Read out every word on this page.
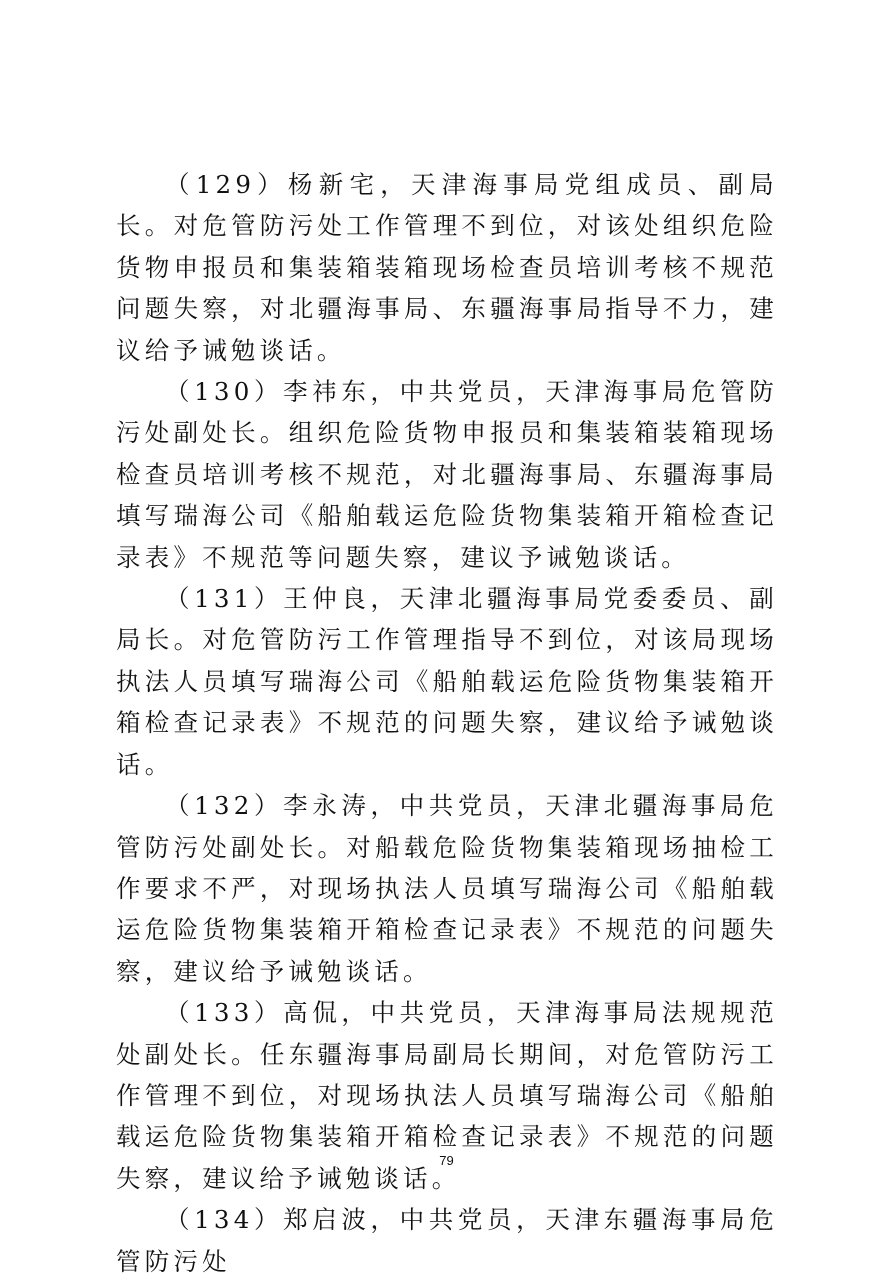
（129）杨新宅，天津海事局党组成员、副局长。对危管防污处工作管理不到位，对该处组织危险货物申报员和集装箱装箱现场检查员培训考核不规范问题失察，对北疆海事局、东疆海事局指导不力，建议给予诫勉谈话。

（130）李祎东，中共党员，天津海事局危管防污处副处长。组织危险货物申报员和集装箱装箱现场检查员培训考核不规范，对北疆海事局、东疆海事局填写瑞海公司《船舶载运危险货物集装箱开箱检查记录表》不规范等问题失察，建议予诫勉谈话。

（131）王仲良，天津北疆海事局党委委员、副局长。对危管防污工作管理指导不到位，对该局现场执法人员填写瑞海公司《船舶载运危险货物集装箱开箱检查记录表》不规范的问题失察，建议给予诫勉谈话。

（132）李永涛，中共党员，天津北疆海事局危管防污处副处长。对船载危险货物集装箱现场抽检工作要求不严，对现场执法人员填写瑞海公司《船舶载运危险货物集装箱开箱检查记录表》不规范的问题失察，建议给予诫勉谈话。

（133）高侃，中共党员，天津海事局法规规范处副处长。任东疆海事局副局长期间，对危管防污工作管理不到位，对现场执法人员填写瑞海公司《船舶载运危险货物集装箱开箱检查记录表》不规范的问题失察，建议给予诫勉谈话。

（134）郑启波，中共党员，天津东疆海事局危管防污处

79
